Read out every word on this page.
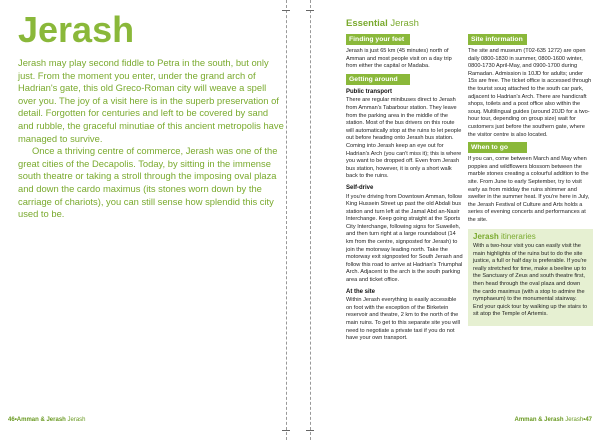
Jerash

Jerash may play second fiddle to Petra in the south, but only just. From the moment you enter, under the grand arch of Hadrian's gate, this old Greco-Roman city will weave a spell over you. The joy of a visit here is in the superb preservation of detail. Forgotten for centuries and left to be covered by sand and rubble, the graceful minutiae of this ancient metropolis have managed to survive.

Once a thriving centre of commerce, Jerash was one of the great cities of the Decapolis. Today, by sitting in the immense south theatre or taking a stroll through the imposing oval plaza and down the cardo maximus (its stones worn down by the carriage of chariots), you can still sense how splendid this city used to be.

46•Amman & Jerash Jerash
Essential Jerash
Finding your feet

Jerash is just 65 km (45 minutes) north of Amman and most people visit on a day trip from either the capital or Madaba.

Getting around
Public transport

There are regular minibuses direct to Jerash from Amman's Tabarbour station. They leave from the parking area in the middle of the station. Most of the bus drivers on this route will automatically stop at the ruins to let people out before heading onto Jerash bus station. Coming into Jerash keep an eye out for Hadrian's Arch (you can't miss it); this is where you want to be dropped off. Even from Jerash bus station, however, it is only a short walk back to the ruins.

Self-drive

If you're driving from Downtown Amman, follow King Hussein Street up past the old Abdali bus station and turn left at the Jamal Abd an-Nasir Interchange. Keep going straight at the Sports City Interchange, following signs for Suweileh, and then turn right at a large roundabout (14 km from the centre, signposted for Jerash) to join the motorway leading north. Take the motorway exit signposted for South Jerash and follow this road to arrive at Hadrian's Triumphal Arch. Adjacent to the arch is the south parking area and ticket office.

At the site

Within Jerash everything is easily accessible on foot with the exception of the Birketein reservoir and theatre, 2 km to the north of the main ruins. To get to this separate site you will need to negotiate a private taxi if you do not have your own transport.

Site information

The site and museum (T02-635 1272) are open daily 0800-1830 in summer, 0800-1600 winter, 0800-1730 April-May, and 0900-1700 during Ramadan. Admission is 10JD for adults; under 15s are free. The ticket office is accessed through the tourist souq attached to the south car park, adjacent to Hadrian's Arch. There are handicraft shops, toilets and a post office also within the souq. Multilingual guides (around 20JD for a two-hour tour, depending on group size) wait for customers just before the southern gate, where the visitor centre is also located.

When to go

If you can, come between March and May when poppies and wildflowers blossom between the marble stones creating a colourful addition to the site. From June to early September, try to visit early as from midday the ruins shimmer and swelter in the summer heat. If you're here in July, the Jerash Festival of Culture and Arts holds a series of evening concerts and performances at the site.

Jerash itineraries

With a two-hour visit you can easily visit the main highlights of the ruins but to do the site justice, a full or half day is preferable. If you're really stretched for time, make a beeline up to the Sanctuary of Zeus and south theatre first, then head through the oval plaza and down the cardo maximus (with a stop to admire the nymphaeum) to the monumental stairway. End your quick tour by walking up the stairs to sit atop the Temple of Artemis.

Amman & Jerash Jerash•47
